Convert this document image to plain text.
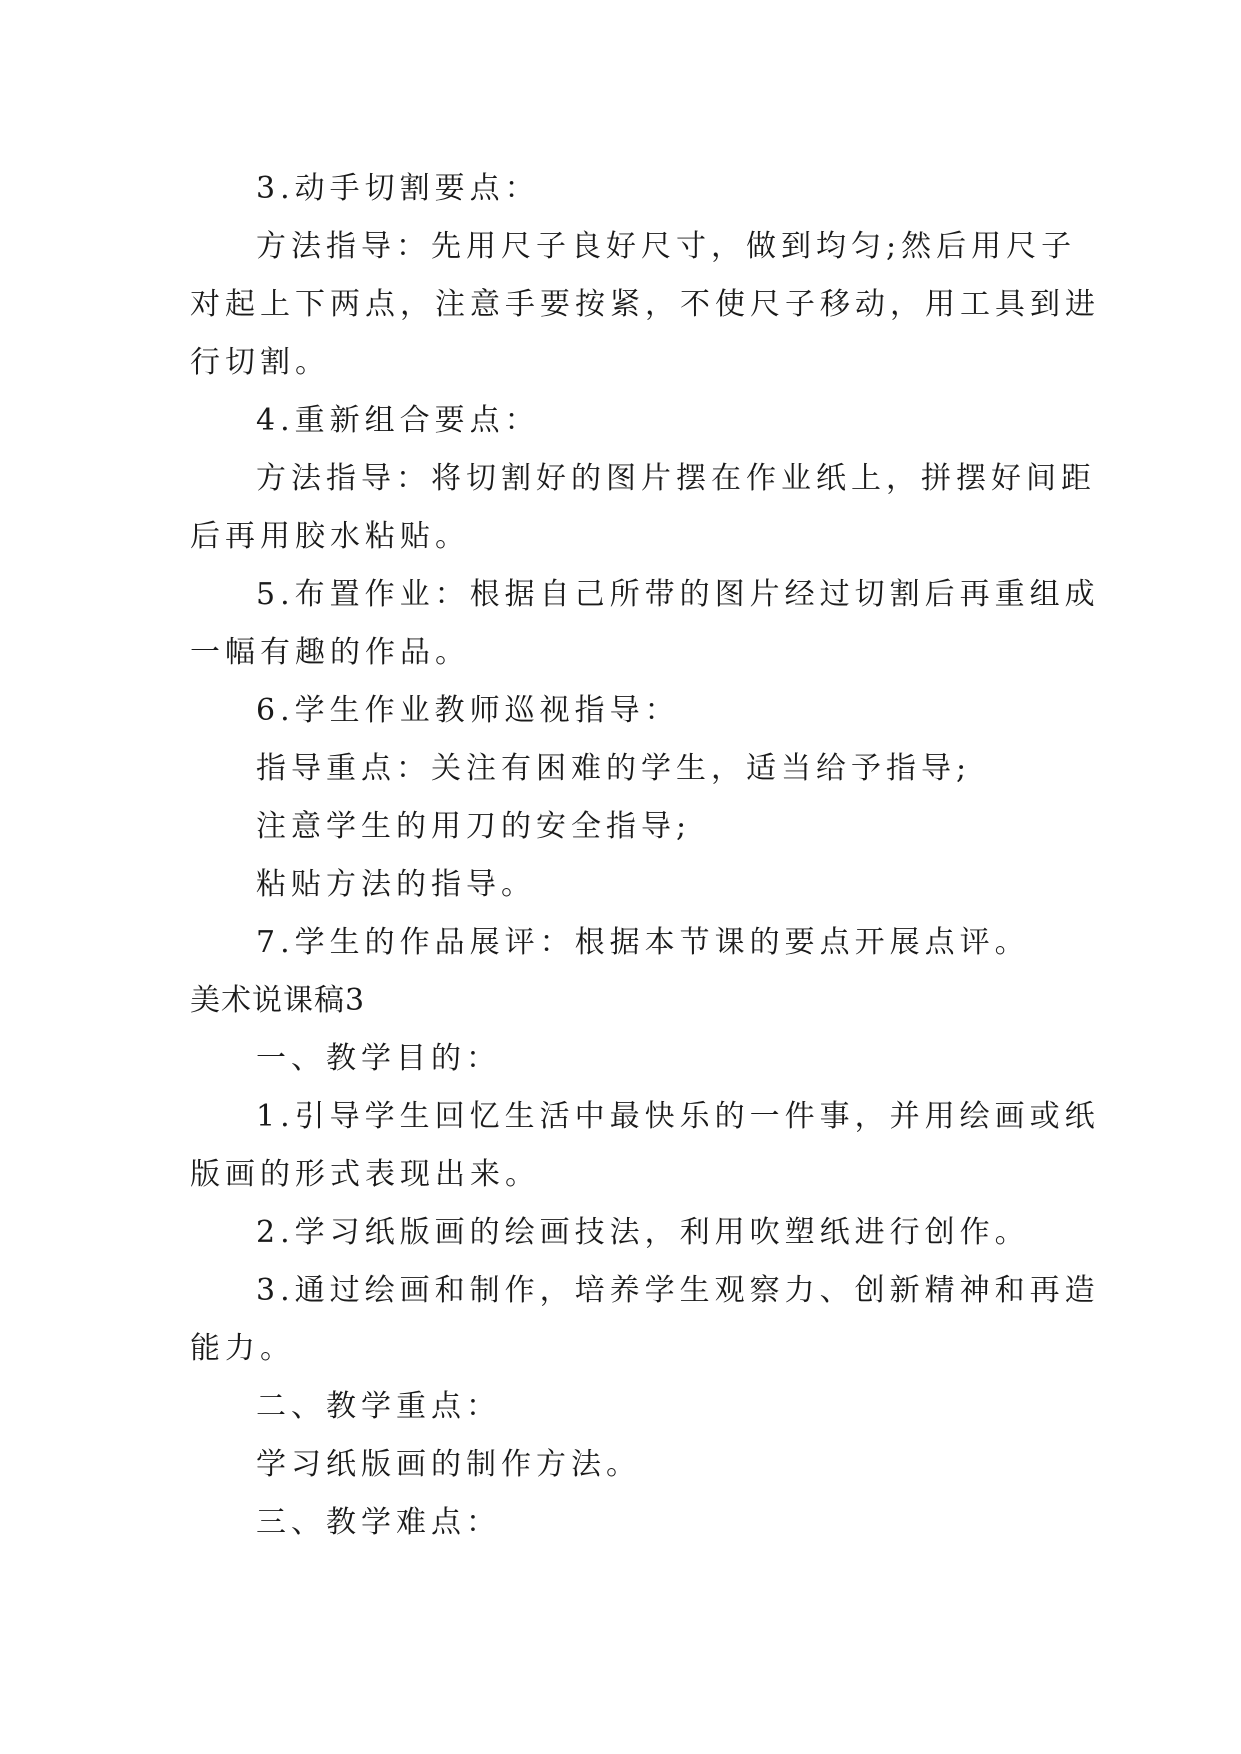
3.动手切割要点：
方法指导：先用尺子良好尺寸，做到均匀;然后用尺子
对起上下两点，注意手要按紧，不使尺子移动，用工具到进
行切割。
4.重新组合要点：
方法指导：将切割好的图片摆在作业纸上，拼摆好间距
后再用胶水粘贴。
5.布置作业：根据自己所带的图片经过切割后再重组成
一幅有趣的作品。
6.学生作业教师巡视指导：
指导重点：关注有困难的学生，适当给予指导;
注意学生的用刀的安全指导;
粘贴方法的指导。
7.学生的作品展评：根据本节课的要点开展点评。
美术说课稿3
一、教学目的：
1.引导学生回忆生活中最快乐的一件事，并用绘画或纸
版画的形式表现出来。
2.学习纸版画的绘画技法，利用吹塑纸进行创作。
3.通过绘画和制作，培养学生观察力、创新精神和再造
能力。
二、教学重点：
学习纸版画的制作方法。
三、教学难点：
